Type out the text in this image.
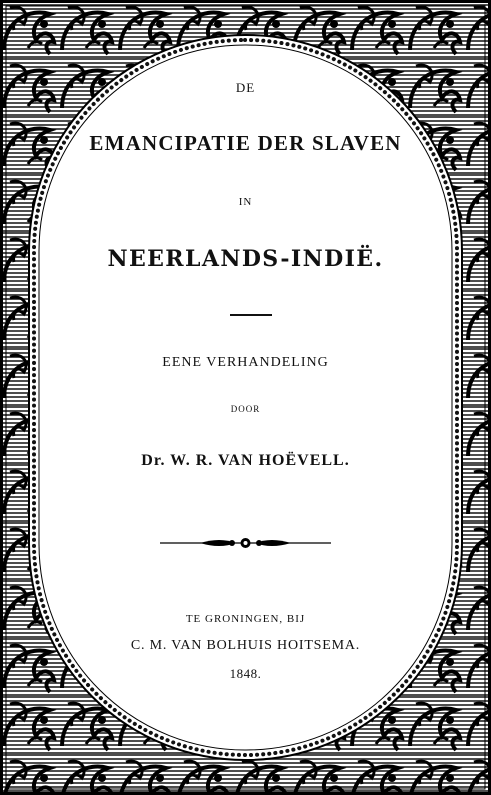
DE
EMANCIPATIE DER SLAVEN
IN
NEERLANDS-INDIË.
EENE VERHANDELING
DOOR
Dr. W. R. VAN HOËVELL.
TE GRONINGEN, BIJ
C. M. VAN BOLHUIS HOITSEMA.
1848.
